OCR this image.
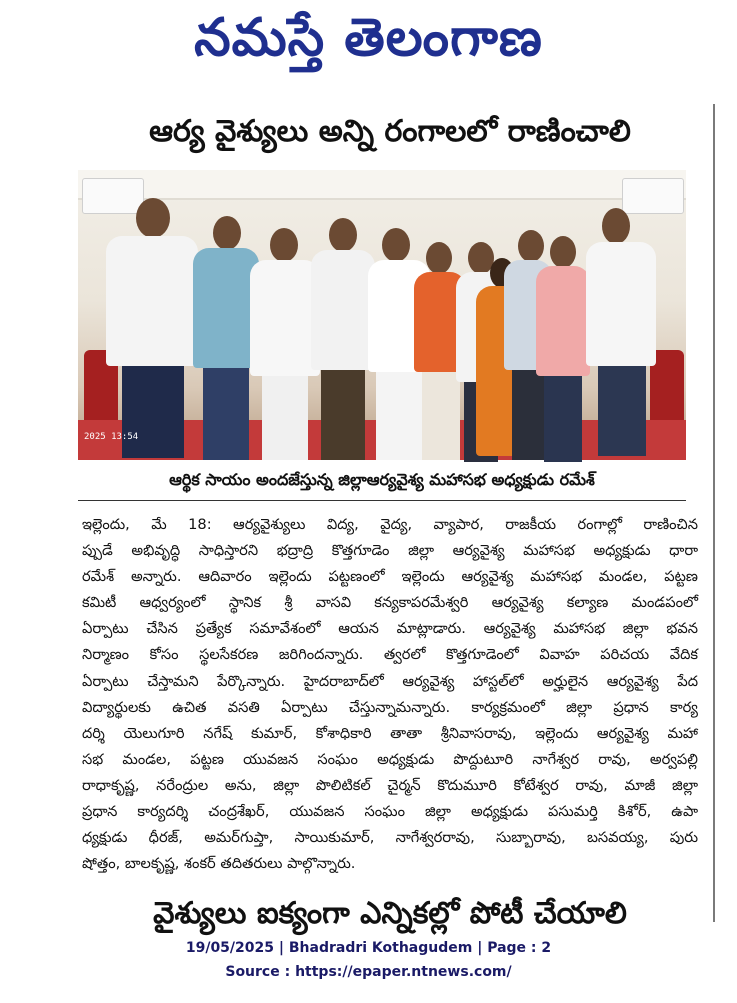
నమస్తే తెలంగాణ
ఆర్య వైశ్యులు అన్ని రంగాలలో రాణించాలి
2025 13:54
ఆర్థిక సాయం అందజేస్తున్న జిల్లాఆర్యవైశ్య మహాసభ అధ్యక్షుడు రమేశ్
ఇల్లెందు, మే 18: ఆర్యవైశ్యులు విద్య, వైద్య, వ్యాపార, రాజకీయ రంగాల్లో రాణించిన
ప్పుడే అభివృద్ధి సాధిస్తారని భద్రాద్రి కొత్తగూడెం జిల్లా ఆర్యవైశ్య మహాసభ అధ్యక్షుడు ధారా
రమేశ్ అన్నారు. ఆదివారం ఇల్లెందు పట్టణంలో ఇల్లెందు ఆర్యవైశ్య మహాసభ మండల, పట్టణ
కమిటీ ఆధ్వర్యంలో స్థానిక శ్రీ వాసవి కన్యకాపరమేశ్వరి ఆర్యవైశ్య కల్యాణ మండపంలో
ఏర్పాటు చేసిన ప్రత్యేక సమావేశంలో ఆయన మాట్లాడారు. ఆర్యవైశ్య మహాసభ జిల్లా భవన
నిర్మాణం కోసం స్థలసేకరణ జరిగిందన్నారు. త్వరలో కొత్తగూడెంలో వివాహ పరిచయ వేదిక
ఏర్పాటు చేస్తామని పేర్కొన్నారు. హైదరాబాద్‌లో ఆర్యవైశ్య హాస్టల్‌లో అర్హులైన ఆర్యవైశ్య పేద
విద్యార్థులకు ఉచిత వసతి ఏర్పాటు చేస్తున్నామన్నారు. కార్యక్రమంలో జిల్లా ప్రధాన కార్య
దర్శి యెలుగూరి నగేష్ కుమార్, కోశాధికారి తాతా శ్రీనివాసరావు, ఇల్లెందు ఆర్యవైశ్య మహా
సభ మండల, పట్టణ యువజన సంఘం అధ్యక్షుడు పొద్దుటూరి నాగేశ్వర రావు, అర్వపల్లి
రాధాకృష్ణ, నరేంద్రుల అను, జిల్లా పొలిటికల్ చైర్మన్ కొదుమూరి కోటేశ్వర రావు, మాజీ జిల్లా
ప్రధాన కార్యదర్శి చంద్రశేఖర్, యువజన సంఘం జిల్లా అధ్యక్షుడు పసుమర్తి కిశోర్, ఉపా
ధ్యక్షుడు ధీరజ్, అమర్‌గుప్తా, సాయికుమార్, నాగేశ్వరరావు, సుబ్బారావు, బసవయ్య, పురు
షోత్తం, బాలకృష్ణ, శంకర్ తదితరులు పాల్గొన్నారు.
వైశ్యులు ఐక్యంగా ఎన్నికల్లో పోటీ చేయాలి
19/05/2025 | Bhadradri Kothagudem | Page : 2
Source : https://epaper.ntnews.com/
